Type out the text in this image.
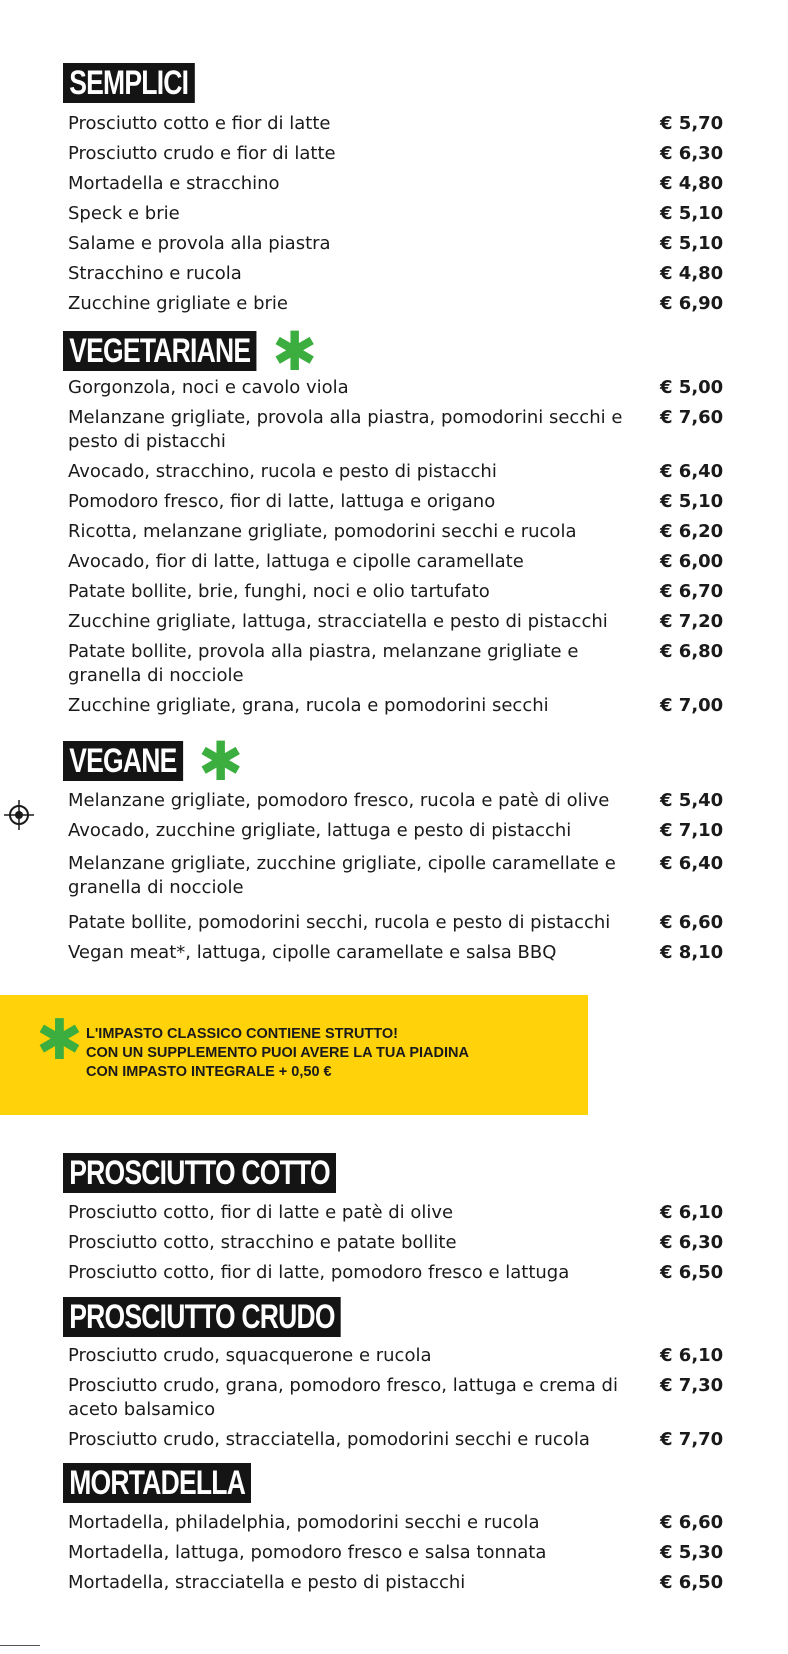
SEMPLICI
Prosciutto cotto e fior di latte	€ 5,70
Prosciutto crudo e fior di latte	€ 6,30
Mortadella e stracchino	€ 4,80
Speck e brie	€ 5,10
Salame e provola alla piastra	€ 5,10
Stracchino e rucola	€ 4,80
Zucchine grigliate e brie	€ 6,90
VEGETARIANE ✱
Gorgonzola, noci e cavolo viola	€ 5,00
Melanzane grigliate, provola alla piastra, pomodorini secchi e pesto di pistacchi
€ 7,60
Avocado, stracchino, rucola e pesto di pistacchi	€ 6,40
Pomodoro fresco, fior di latte, lattuga e origano	€ 5,10
Ricotta, melanzane grigliate, pomodorini secchi e rucola	€ 6,20
Avocado, fior di latte, lattuga e cipolle caramellate	€ 6,00
Patate bollite, brie, funghi, noci e olio tartufato	€ 6,70
Zucchine grigliate, lattuga, stracciatella e pesto di pistacchi	€ 7,20
Patate bollite, provola alla piastra, melanzane grigliate e granella di nocciole
€ 6,80
Zucchine grigliate, grana, rucola e pomodorini secchi	€ 7,00
VEGANE ✱
Melanzane grigliate, pomodoro fresco, rucola e patè di olive	€ 5,40
Avocado, zucchine grigliate, lattuga e pesto di pistacchi	€ 7,10
Melanzane grigliate, zucchine grigliate, cipolle caramellate e granella di nocciole
€ 6,40
Patate bollite, pomodorini secchi, rucola e pesto di pistacchi	€ 6,60
Vegan meat*, lattuga, cipolle caramellate e salsa BBQ	€ 8,10
✱ L'IMPASTO CLASSICO CONTIENE STRUTTO!
CON UN SUPPLEMENTO PUOI AVERE LA TUA PIADINA
CON IMPASTO INTEGRALE + 0,50 €
PROSCIUTTO COTTO
Prosciutto cotto, fior di latte e patè di olive	€ 6,10
Prosciutto cotto, stracchino e patate bollite	€ 6,30
Prosciutto cotto, fior di latte, pomodoro fresco e lattuga	€ 6,50
PROSCIUTTO CRUDO
Prosciutto crudo, squacquerone e rucola	€ 6,10
Prosciutto crudo, grana, pomodoro fresco, lattuga e crema di aceto balsamico
€ 7,30
Prosciutto crudo, stracciatella, pomodorini secchi e rucola	€ 7,70
MORTADELLA
Mortadella, philadelphia, pomodorini secchi e rucola	€ 6,60
Mortadella, lattuga, pomodoro fresco e salsa tonnata	€ 5,30
Mortadella, stracciatella e pesto di pistacchi	€ 6,50
